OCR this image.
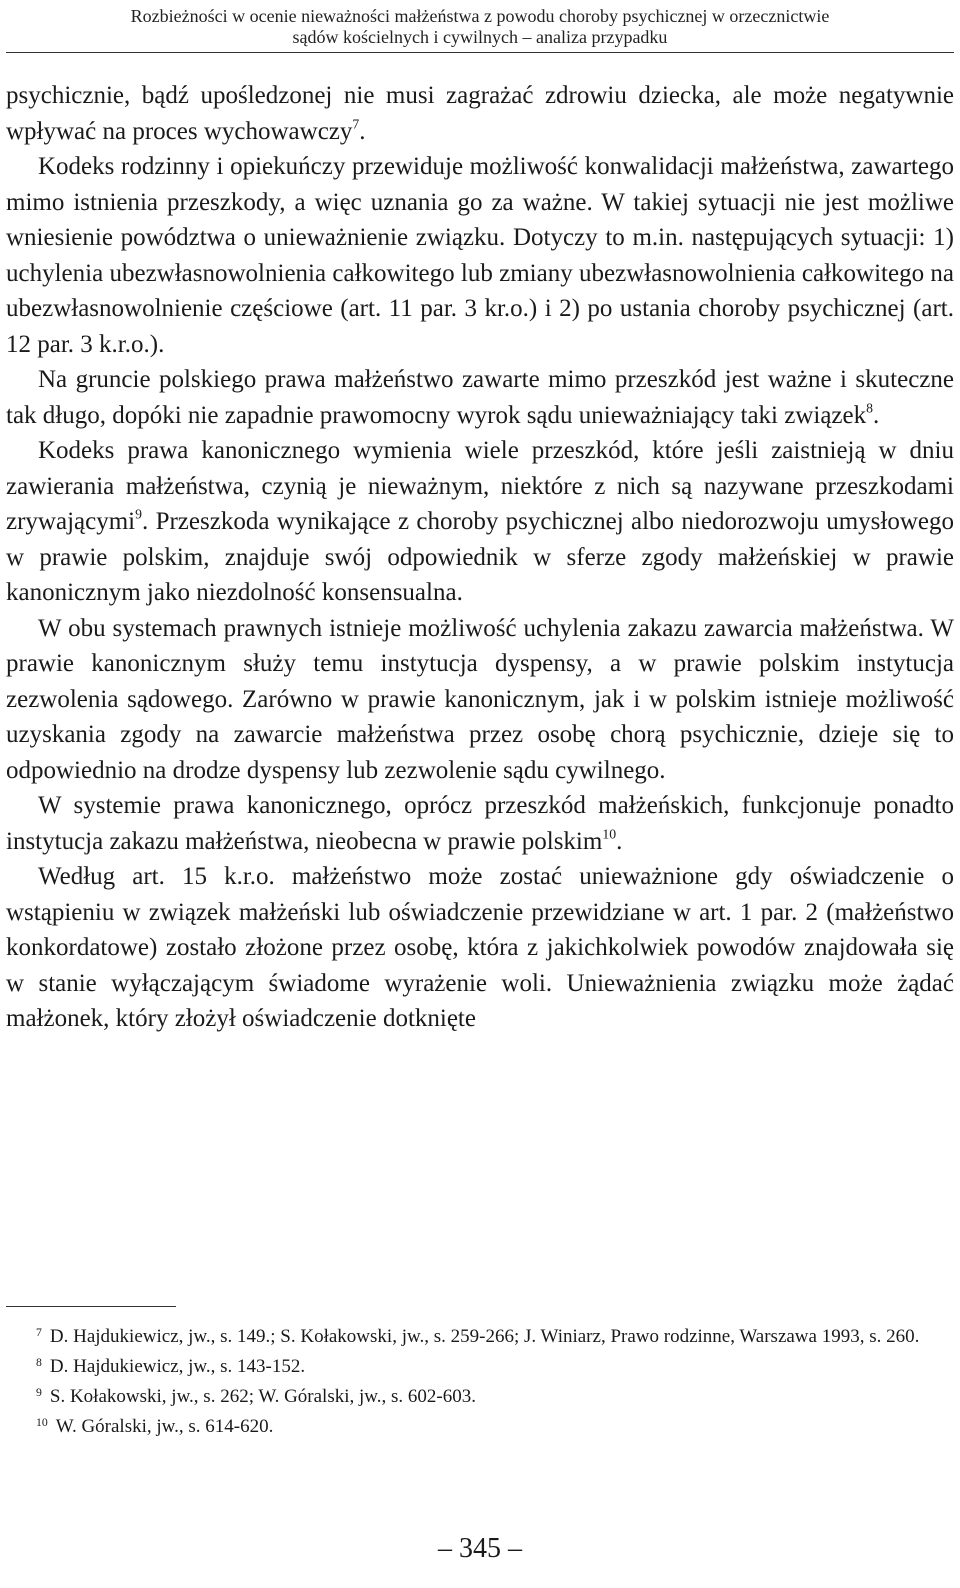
Rozbieżności w ocenie nieważności małżeństwa z powodu choroby psychicznej w orzecznictwie
sądów kościelnych i cywilnych – analiza przypadku

psychicznie, bądź upośledzonej nie musi zagrażać zdrowiu dziecka, ale może negatywnie wpływać na proces wychowawczy$^7$.

Kodeks rodzinny i opiekuńczy przewiduje możliwość konwalidacji małżeństwa, zawartego mimo istnienia przeszkody, a więc uznania go za ważne. W takiej sytuacji nie jest możliwe wniesienie powództwa o unieważnienie związku. Dotyczy to m.in. następujących sytuacji: 1) uchylenia ubezwłasnowolnienia całkowitego lub zmiany ubezwłasnowolnienia całkowitego na ubezwłasnowolnienie częściowe (art. 11 par. 3 kr.o.) i 2) po ustania choroby psychicznej (art. 12 par. 3 k.r.o.).

Na gruncie polskiego prawa małżeństwo zawarte mimo przeszkód jest ważne i skuteczne tak długo, dopóki nie zapadnie prawomocny wyrok sądu unieważniający taki związek$^8$.

Kodeks prawa kanonicznego wymienia wiele przeszkód, które jeśli zaistnieją w dniu zawierania małżeństwa, czynią je nieważnym, niektóre z nich są nazywane przeszkodami zrywającymi$^9$. Przeszkoda wynikające z choroby psychicznej albo niedorozwoju umysłowego w prawie polskim, znajduje swój odpowiednik w sferze zgody małżeńskiej w prawie kanonicznym jako niezdolność konsensualna.

W obu systemach prawnych istnieje możliwość uchylenia zakazu zawarcia małżeństwa. W prawie kanonicznym służy temu instytucja dyspensy, a w prawie polskim instytucja zezwolenia sądowego. Zarówno w prawie kanonicznym, jak i w polskim istnieje możliwość uzyskania zgody na zawarcie małżeństwa przez osobę chorą psychicznie, dzieje się to odpowiednio na drodze dyspensy lub zezwolenie sądu cywilnego.

W systemie prawa kanonicznego, oprócz przeszkód małżeńskich, funkcjonuje ponadto instytucja zakazu małżeństwa, nieobecna w prawie polskim$^{10}$.

Według art. 15 k.r.o. małżeństwo może zostać unieważnione gdy oświadczenie o wstąpieniu w związek małżeński lub oświadczenie przewidziane w art. 1 par. 2 (małżeństwo konkordatowe) zostało złożone przez osobę, która z jakichkolwiek powodów znajdowała się w stanie wyłączającym świadome wyrażenie woli. Unieważnienia związku może żądać małżonek, który złożył oświadczenie dotknięte

$^7$ D. Hajdukiewicz, jw., s. 149.; S. Kołakowski, jw., s. 259-266; J. Winiarz, Prawo rodzinne, Warszawa 1993, s. 260.

$^8$ D. Hajdukiewicz, jw., s. 143-152.

$^9$ S. Kołakowski, jw., s. 262; W. Góralski, jw., s. 602-603.

$^{10}$ W. Góralski, jw., s. 614-620.

– 345 –
